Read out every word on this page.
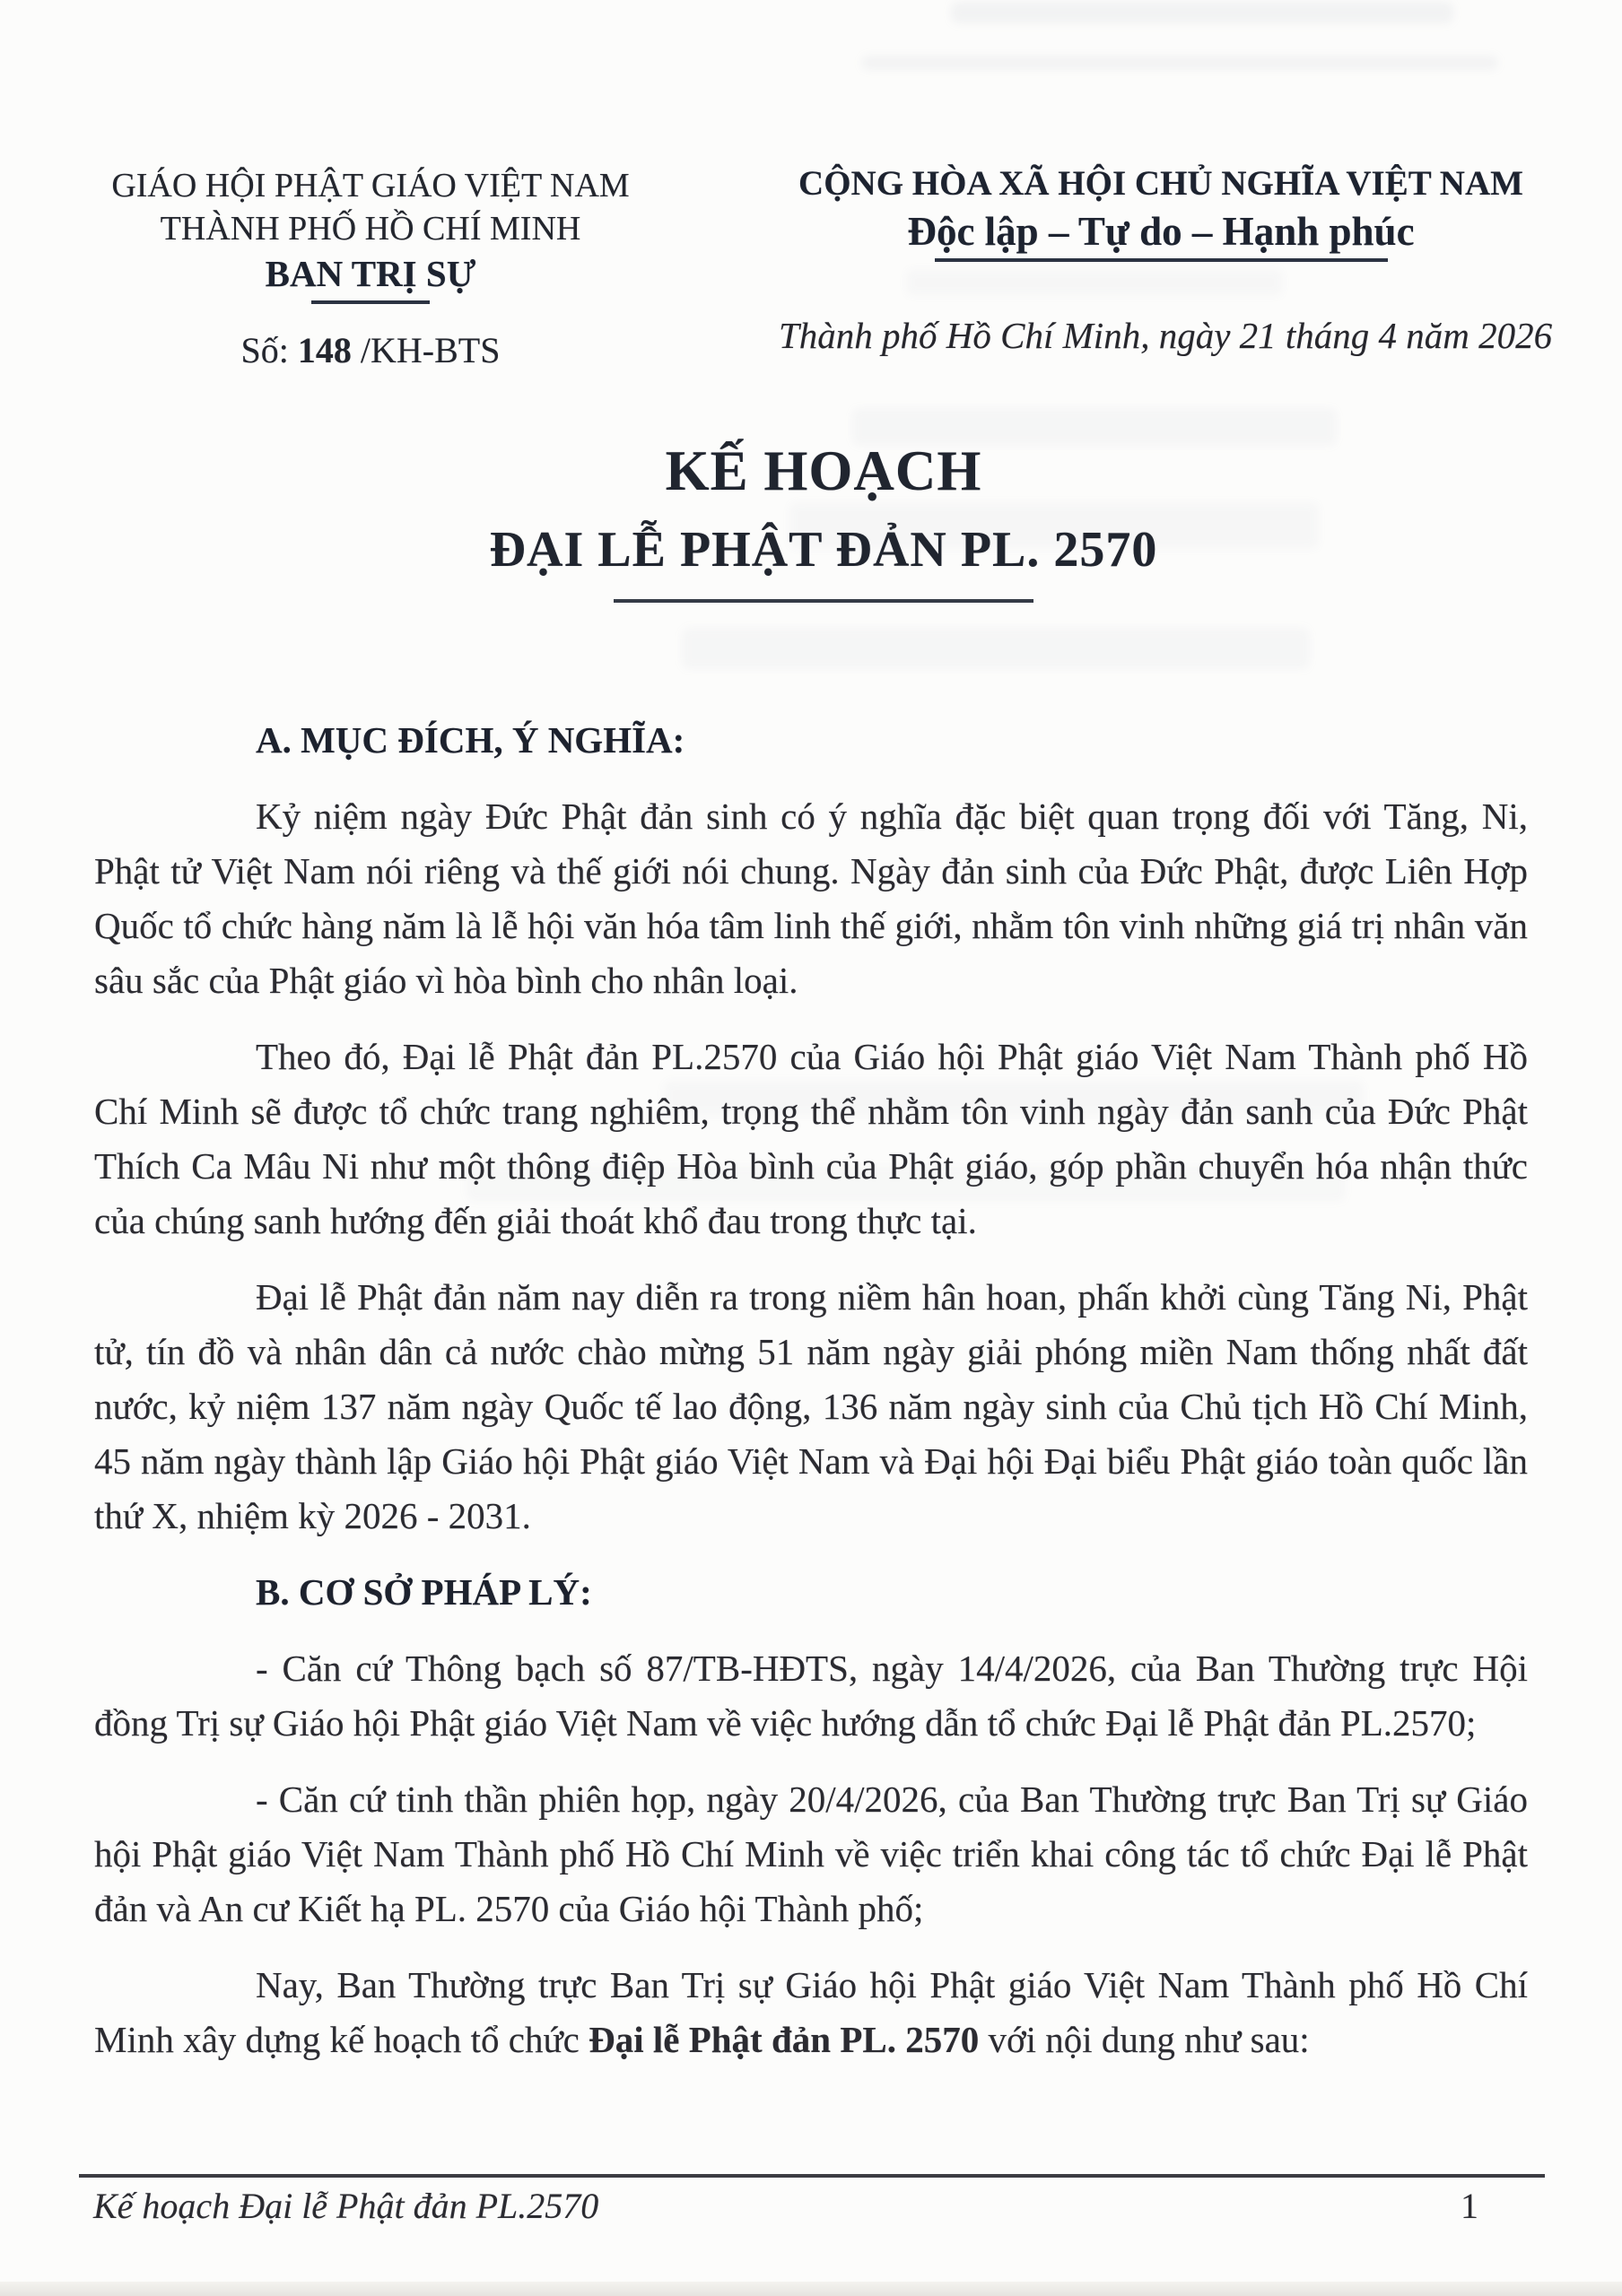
GIÁO HỘI PHẬT GIÁO VIỆT NAM
THÀNH PHỐ HỒ CHÍ MINH
BAN TRỊ SỰ
Số: 148 /KH-BTS
CỘNG HÒA XÃ HỘI CHỦ NGHĨA VIỆT NAM
Độc lập – Tự do – Hạnh phúc
Thành phố Hồ Chí Minh, ngày 21 tháng 4 năm 2026
KẾ HOẠCH
ĐẠI LỄ PHẬT ĐẢN PL. 2570
A. MỤC ĐÍCH, Ý NGHĨA:

Kỷ niệm ngày Đức Phật đản sinh có ý nghĩa đặc biệt quan trọng đối với Tăng, Ni, Phật tử Việt Nam nói riêng và thế giới nói chung. Ngày đản sinh của Đức Phật, được Liên Hợp Quốc tổ chức hàng năm là lễ hội văn hóa tâm linh thế giới, nhằm tôn vinh những giá trị nhân văn sâu sắc của Phật giáo vì hòa bình cho nhân loại.

Theo đó, Đại lễ Phật đản PL.2570 của Giáo hội Phật giáo Việt Nam Thành phố Hồ Chí Minh sẽ được tổ chức trang nghiêm, trọng thể nhằm tôn vinh ngày đản sanh của Đức Phật Thích Ca Mâu Ni như một thông điệp Hòa bình của Phật giáo, góp phần chuyển hóa nhận thức của chúng sanh hướng đến giải thoát khổ đau trong thực tại.

Đại lễ Phật đản năm nay diễn ra trong niềm hân hoan, phấn khởi cùng Tăng Ni, Phật tử, tín đồ và nhân dân cả nước chào mừng 51 năm ngày giải phóng miền Nam thống nhất đất nước, kỷ niệm 137 năm ngày Quốc tế lao động, 136 năm ngày sinh của Chủ tịch Hồ Chí Minh, 45 năm ngày thành lập Giáo hội Phật giáo Việt Nam và Đại hội Đại biểu Phật giáo toàn quốc lần thứ X, nhiệm kỳ 2026 - 2031.

B. CƠ SỞ PHÁP LÝ:

- Căn cứ Thông bạch số 87/TB-HĐTS, ngày 14/4/2026, của Ban Thường trực Hội đồng Trị sự Giáo hội Phật giáo Việt Nam về việc hướng dẫn tổ chức Đại lễ Phật đản PL.2570;

- Căn cứ tinh thần phiên họp, ngày 20/4/2026, của Ban Thường trực Ban Trị sự Giáo hội Phật giáo Việt Nam Thành phố Hồ Chí Minh về việc triển khai công tác tổ chức Đại lễ Phật đản và An cư Kiết hạ PL. 2570 của Giáo hội Thành phố;

Nay, Ban Thường trực Ban Trị sự Giáo hội Phật giáo Việt Nam Thành phố Hồ Chí Minh xây dựng kế hoạch tổ chức Đại lễ Phật đản PL. 2570 với nội dung như sau:

Kế hoạch Đại lễ Phật đản PL.2570	1
